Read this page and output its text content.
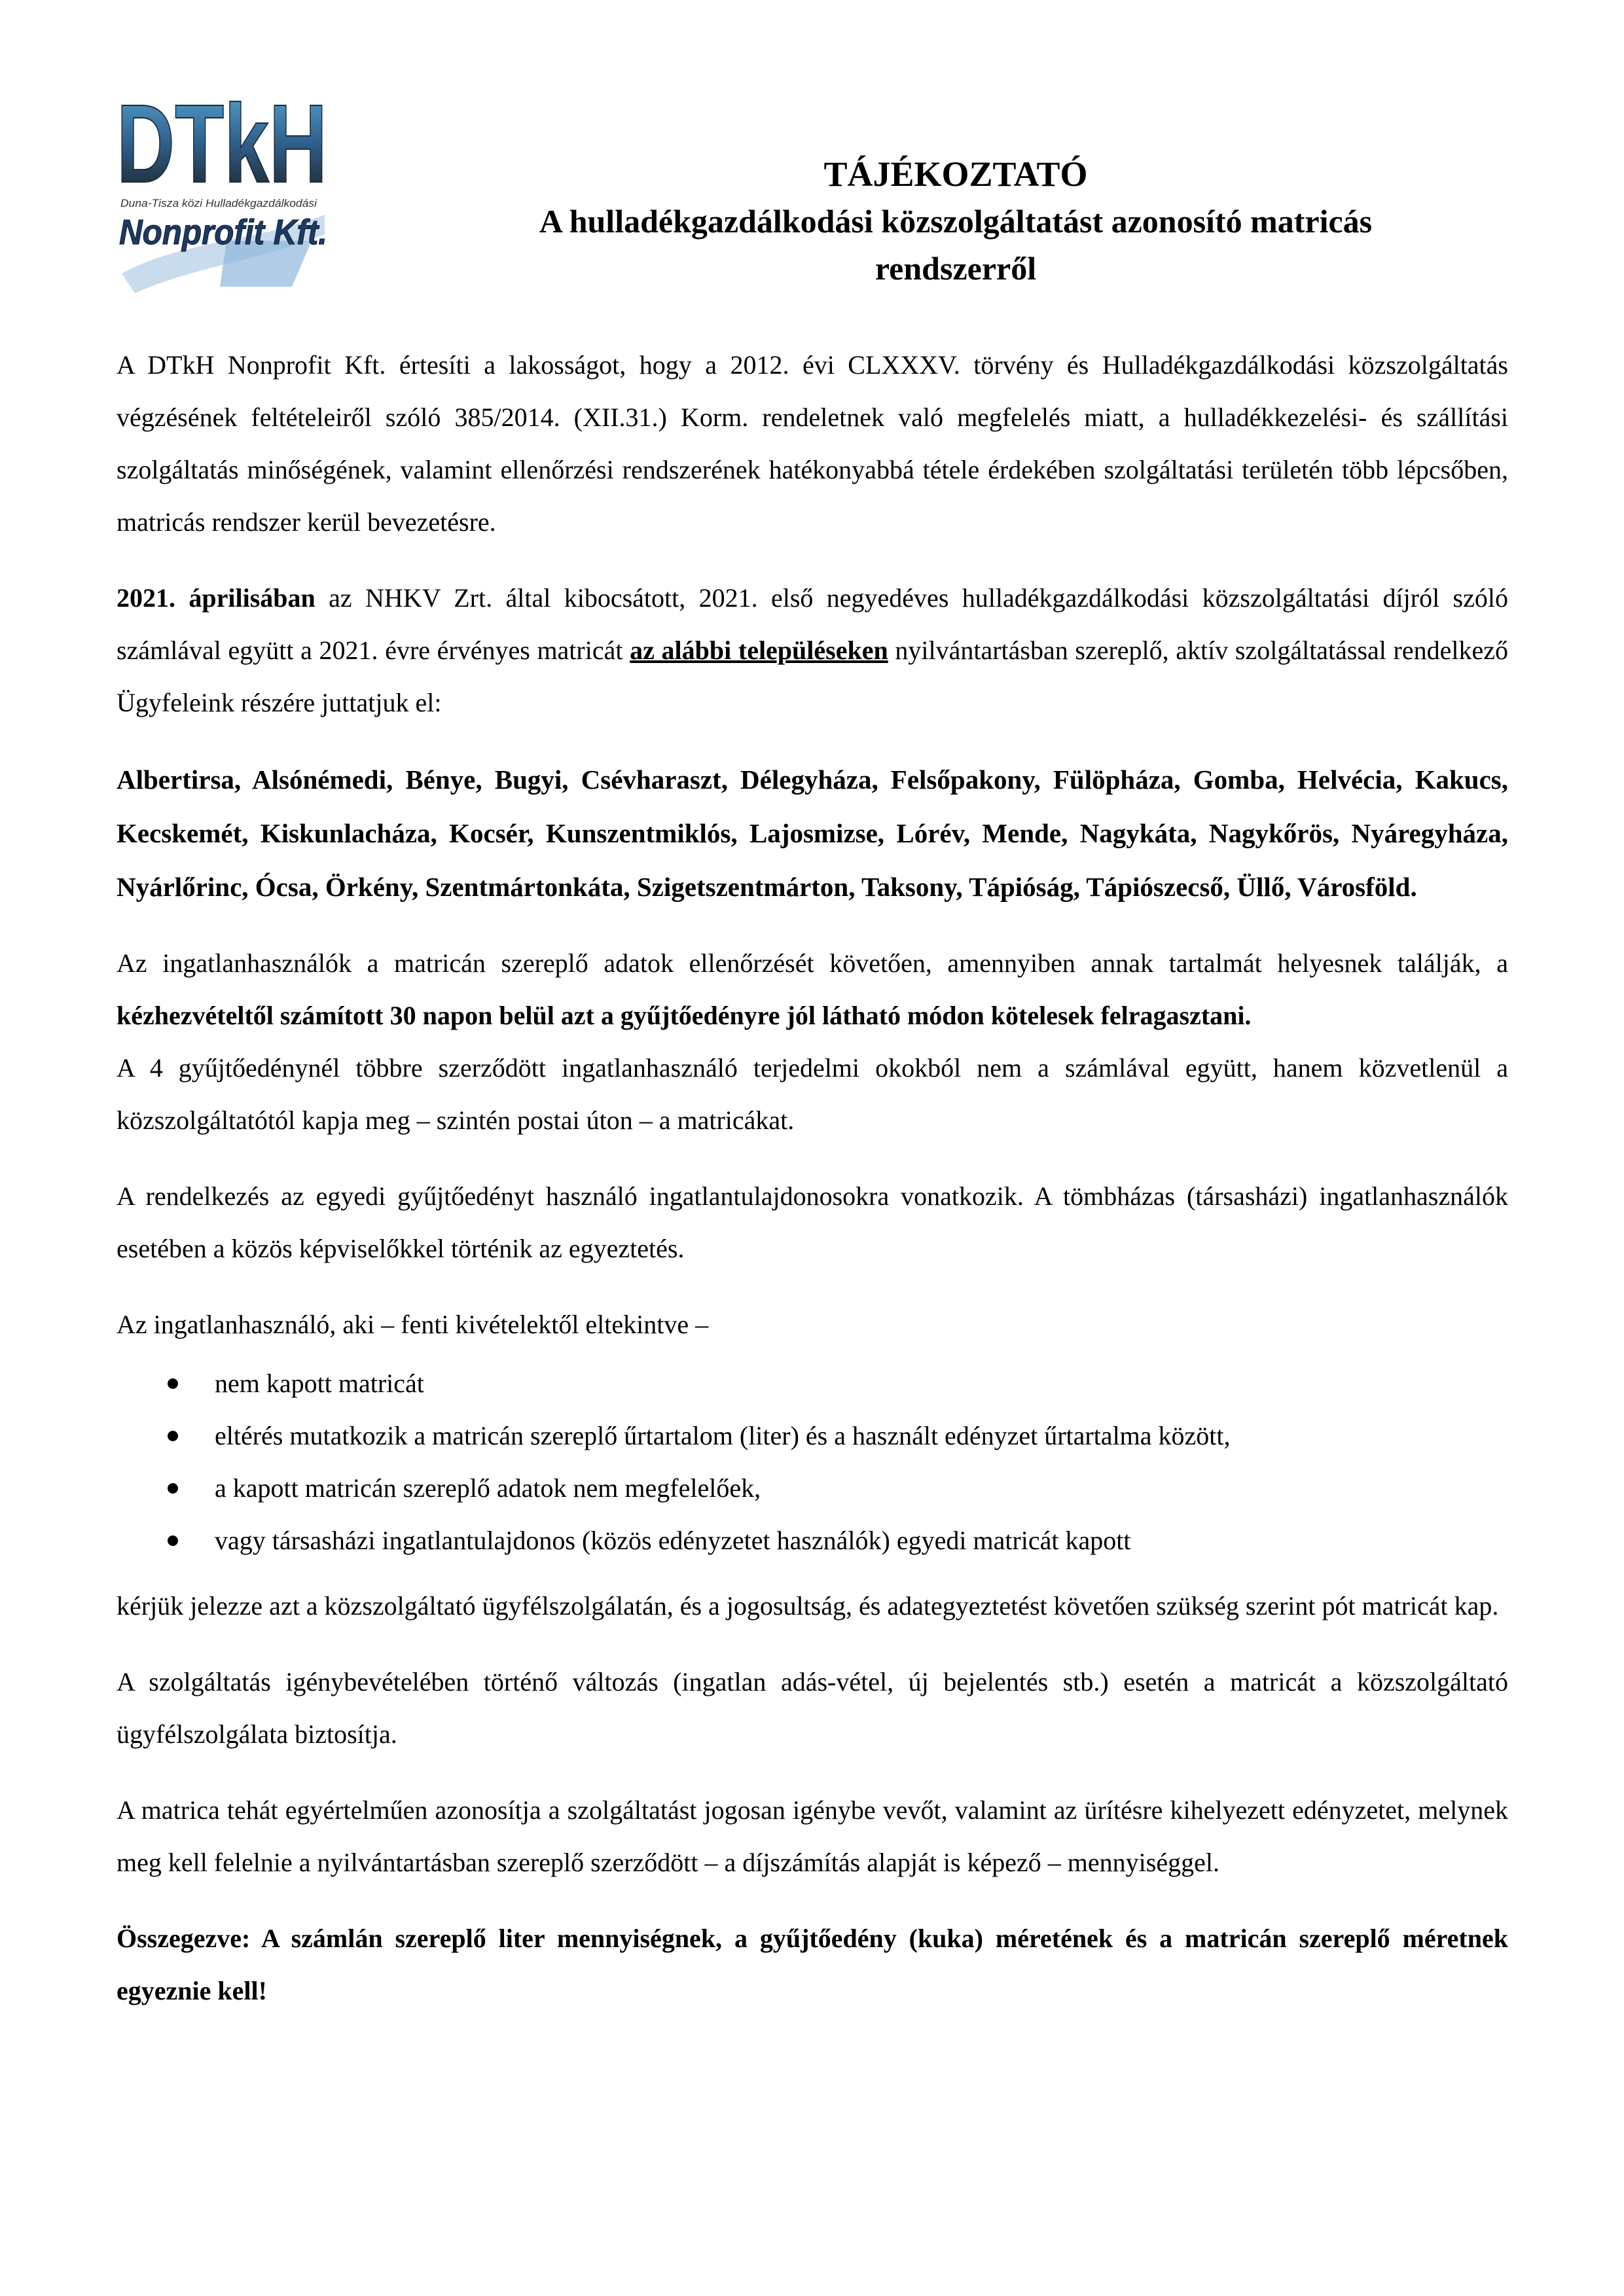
DTkH
Duna-Tisza közi Hulladékgazdálkodási
Nonprofit Kft.
TÁJÉKOZTATÓ
A hulladékgazdálkodási közszolgáltatást azonosító matricás
rendszerről

A DTkH Nonprofit Kft. értesíti a lakosságot, hogy a 2012. évi CLXXXV. törvény és Hulladékgazdálkodási közszolgáltatás végzésének feltételeiről szóló 385/2014. (XII.31.) Korm. rendeletnek való megfelelés miatt, a hulladékkezelési- és szállítási szolgáltatás minőségének, valamint ellenőrzési rendszerének hatékonyabbá tétele érdekében szolgáltatási területén több lépcsőben, matricás rendszer kerül bevezetésre.

2021. áprilisában az NHKV Zrt. által kibocsátott, 2021. első negyedéves hulladékgazdálkodási közszolgáltatási díjról szóló számlával együtt a 2021. évre érvényes matricát az alábbi településeken nyilvántartásban szereplő, aktív szolgáltatással rendelkező Ügyfeleink részére juttatjuk el:

Albertirsa, Alsónémedi, Bénye, Bugyi, Csévharaszt, Délegyháza, Felsőpakony, Fülöpháza, Gomba, Helvécia, Kakucs, Kecskemét, Kiskunlacháza, Kocsér, Kunszentmiklós, Lajosmizse, Lórév, Mende, Nagykáta, Nagykőrös, Nyáregyháza, Nyárlőrinc, Ócsa, Örkény, Szentmártonkáta, Szigetszentmárton, Taksony, Tápióság, Tápiószecső, Üllő, Városföld.

Az ingatlanhasználók a matricán szereplő adatok ellenőrzését követően, amennyiben annak tartalmát helyesnek találják, a kézhezvételtől számított 30 napon belül azt a gyűjtőedényre jól látható módon kötelesek felragasztani.

A 4 gyűjtőedénynél többre szerződött ingatlanhasználó terjedelmi okokból nem a számlával együtt, hanem közvetlenül a közszolgáltatótól kapja meg – szintén postai úton – a matricákat.

A rendelkezés az egyedi gyűjtőedényt használó ingatlantulajdonosokra vonatkozik. A tömbházas (társasházi) ingatlanhasználók esetében a közös képviselőkkel történik az egyeztetés.

Az ingatlanhasználó, aki – fenti kivételektől eltekintve –

nem kapott matricát
eltérés mutatkozik a matricán szereplő űrtartalom (liter) és a használt edényzet űrtartalma között,
a kapott matricán szereplő adatok nem megfelelőek,
vagy társasházi ingatlantulajdonos (közös edényzetet használók) egyedi matricát kapott

kérjük jelezze azt a közszolgáltató ügyfélszolgálatán, és a jogosultság, és adategyeztetést követően szükség szerint pót matricát kap.

A szolgáltatás igénybevételében történő változás (ingatlan adás-vétel, új bejelentés stb.) esetén a matricát a közszolgáltató ügyfélszolgálata biztosítja.

A matrica tehát egyértelműen azonosítja a szolgáltatást jogosan igénybe vevőt, valamint az ürítésre kihelyezett edényzetet, melynek meg kell felelnie a nyilvántartásban szereplő szerződött – a díjszámítás alapját is képező – mennyiséggel.

Összegezve: A számlán szereplő liter mennyiségnek, a gyűjtőedény (kuka) méretének és a matricán szereplő méretnek egyeznie kell!
